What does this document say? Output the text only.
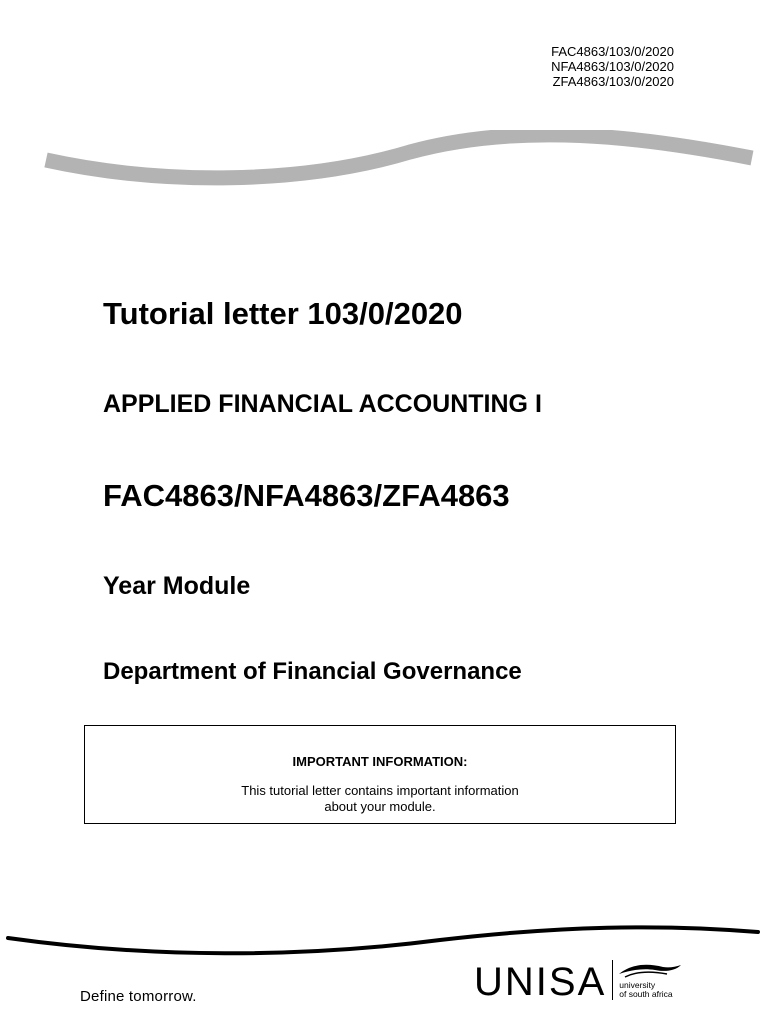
FAC4863/103/0/2020
NFA4863/103/0/2020
ZFA4863/103/0/2020
Tutorial letter 103/0/2020
APPLIED FINANCIAL ACCOUNTING I
FAC4863/NFA4863/ZFA4863
Year Module
Department of Financial Governance

IMPORTANT INFORMATION:

This tutorial letter contains important information
about your module.
Define tomorrow.	UNISA university
of south africa
